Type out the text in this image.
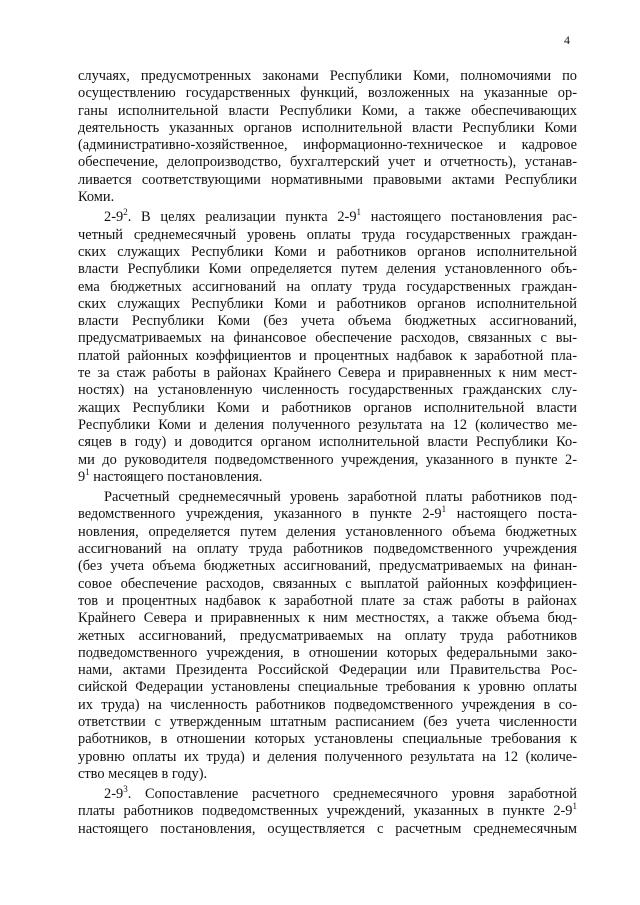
4
случаях, предусмотренных законами Республики Коми, полномочиями по
осуществлению государственных функций, возложенных на указанные ор-
ганы исполнительной власти Республики Коми, а также обеспечивающих
деятельность указанных органов исполнительной власти Республики Коми
(административно-хозяйственное, информационно-техническое и кадровое
обеспечение, делопроизводство, бухгалтерский учет и отчетность), устанав-
ливается соответствующими нормативными правовыми актами Республики
Коми.
$2-9^2$. В целях реализации пункта $2-9^1$ настоящего постановления рас-
четный среднемесячный уровень оплаты труда государственных граждан-
ских служащих Республики Коми и работников органов исполнительной
власти Республики Коми определяется путем деления установленного объ-
ема бюджетных ассигнований на оплату труда государственных граждан-
ских служащих Республики Коми и работников органов исполнительной
власти Республики Коми (без учета объема бюджетных ассигнований,
предусматриваемых на финансовое обеспечение расходов, связанных с вы-
платой районных коэффициентов и процентных надбавок к заработной пла-
те за стаж работы в районах Крайнего Севера и приравненных к ним мест-
ностях) на установленную численность государственных гражданских слу-
жащих Республики Коми и работников органов исполнительной власти
Республики Коми и деления полученного результата на 12 (количество ме-
сяцев в году) и доводится органом исполнительной власти Республики Ко-
ми до руководителя подведомственного учреждения, указанного в пункте 2-
$9^1$ настоящего постановления.
Расчетный среднемесячный уровень заработной платы работников под-
ведомственного учреждения, указанного в пункте $2-9^1$ настоящего поста-
новления, определяется путем деления установленного объема бюджетных
ассигнований на оплату труда работников подведомственного учреждения
(без учета объема бюджетных ассигнований, предусматриваемых на финан-
совое обеспечение расходов, связанных с выплатой районных коэффициен-
тов и процентных надбавок к заработной плате за стаж работы в районах
Крайнего Севера и приравненных к ним местностях, а также объема бюд-
жетных ассигнований, предусматриваемых на оплату труда работников
подведомственного учреждения, в отношении которых федеральными зако-
нами, актами Президента Российской Федерации или Правительства Рос-
сийской Федерации установлены специальные требования к уровню оплаты
их труда) на численность работников подведомственного учреждения в со-
ответствии с утвержденным штатным расписанием (без учета численности
работников, в отношении которых установлены специальные требования к
уровню оплаты их труда) и деления полученного результата на 12 (количе-
ство месяцев в году).
$2-9^3$. Сопоставление расчетного среднемесячного уровня заработной
платы работников подведомственных учреждений, указанных в пункте $2-9^1$
настоящего постановления, осуществляется с расчетным среднемесячным
